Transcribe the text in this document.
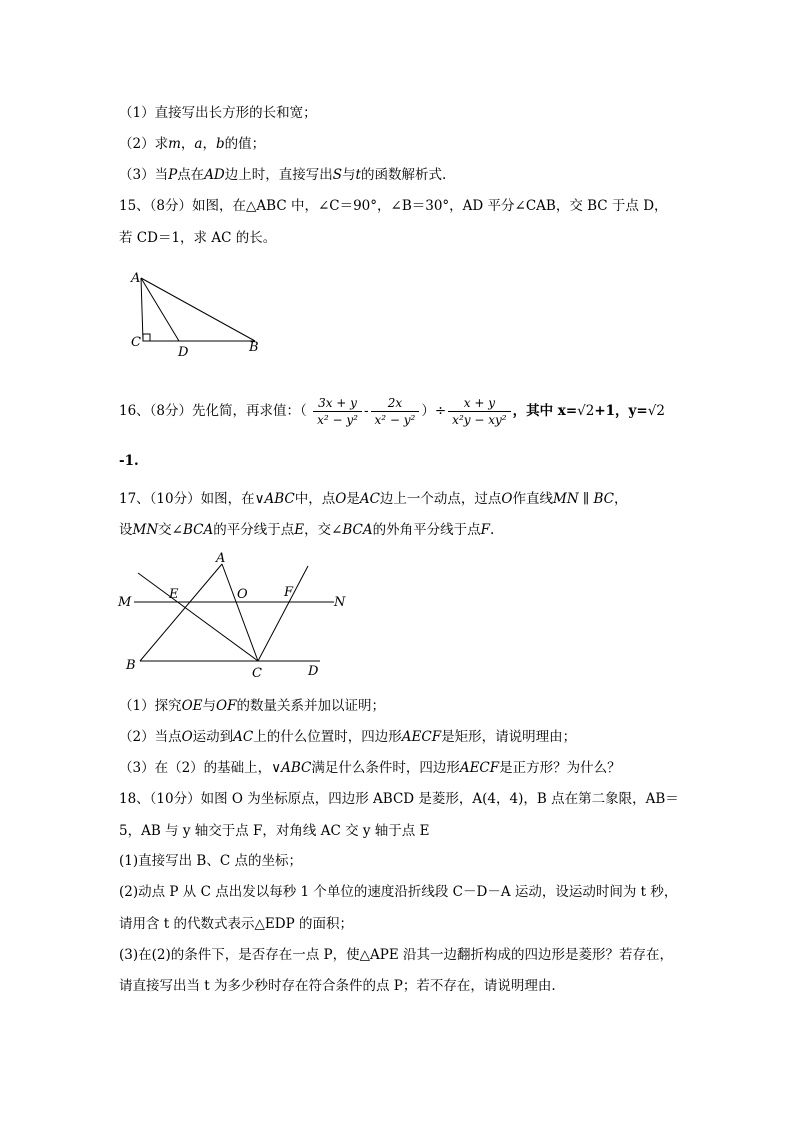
（1）直接写出长方形的长和宽；
（2）求m，a，b的值；
（3）当P点在AD边上时，直接写出S与t的函数解析式.
15、（8分）如图，在△ABC 中，∠C＝90°，∠B＝30°，AD 平分∠CAB，交 BC 于点 D，
若 CD＝1，求 AC 的长。
A
C
D	B
16、（8分）先化简，再求值：（ $\frac{3x + y}{\text{x² − y²}} - \frac{2x}{\text{x² − y²}}$ ）÷ $\frac{x + y}{\text{x²y − xy²}}$ ，其中 x=√2+1，y=√2
-1.
17、（10分）如图，在∨ABC中，点O是AC边上一个动点，过点O作直线MN ∥ BC，
设MN交∠BCA的平分线于点E，交∠BCA的外角平分线于点F.
A
M
E	O	F
N
B
C	D
（1）探究OE与OF的数量关系并加以证明；
（2）当点O运动到AC上的什么位置时，四边形AECF是矩形，请说明理由；
（3）在（2）的基础上，∨ABC满足什么条件时，四边形AECF是正方形？为什么？
18、（10分）如图 O 为坐标原点，四边形 ABCD 是菱形，A(4，4)，B 点在第二象限，AB＝
5，AB 与 y 轴交于点 F，对角线 AC 交 y 轴于点 E
(1)直接写出 B、C 点的坐标；
(2)动点 P 从 C 点出发以每秒 1 个单位的速度沿折线段 C－D－A 运动，设运动时间为 t 秒，
请用含 t 的代数式表示△EDP 的面积；
(3)在(2)的条件下，是否存在一点 P，使△APE 沿其一边翻折构成的四边形是菱形？若存在，
请直接写出当 t 为多少秒时存在符合条件的点 P；若不存在，请说明理由.
